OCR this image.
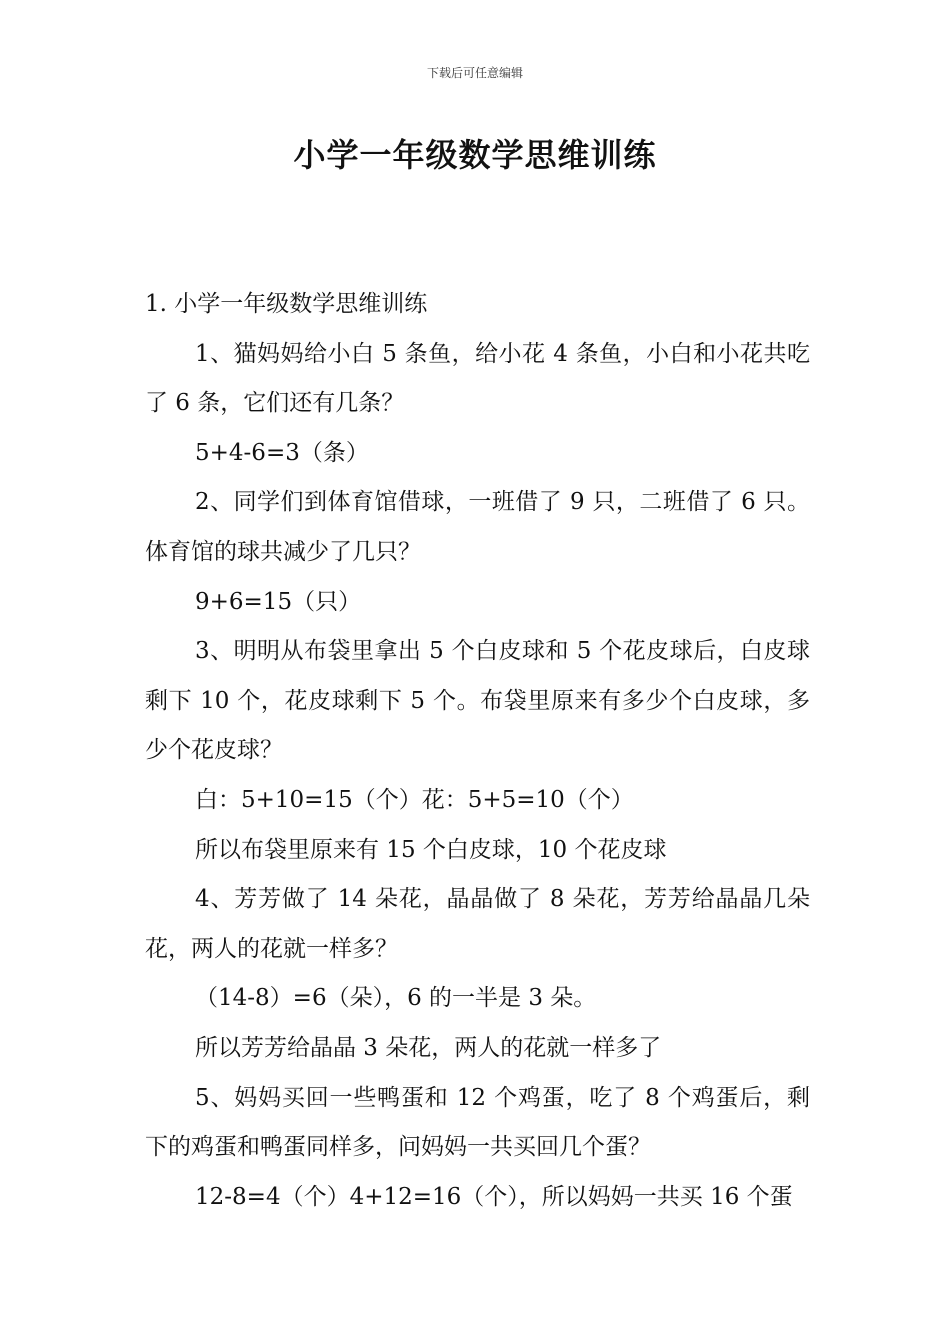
下载后可任意编辑
小学一年级数学思维训练

1. 小学一年级数学思维训练

1、猫妈妈给小白 5 条鱼，给小花 4 条鱼，小白和小花共吃了 6 条，它们还有几条？

5+4-6=3（条）

2、同学们到体育馆借球，一班借了 9 只，二班借了 6 只。体育馆的球共减少了几只？

9+6=15（只）

3、明明从布袋里拿出 5 个白皮球和 5 个花皮球后，白皮球剩下 10 个，花皮球剩下 5 个。布袋里原来有多少个白皮球，多少个花皮球？

白：5+10=15（个）花：5+5=10（个）

所以布袋里原来有 15 个白皮球，10 个花皮球

4、芳芳做了 14 朵花，晶晶做了 8 朵花，芳芳给晶晶几朵花，两人的花就一样多？

（14-8）=6（朵），6 的一半是 3 朵。

所以芳芳给晶晶 3 朵花，两人的花就一样多了

5、妈妈买回一些鸭蛋和 12 个鸡蛋，吃了 8 个鸡蛋后，剩下的鸡蛋和鸭蛋同样多，问妈妈一共买回几个蛋？

12-8=4（个）4+12=16（个），所以妈妈一共买 16 个蛋
